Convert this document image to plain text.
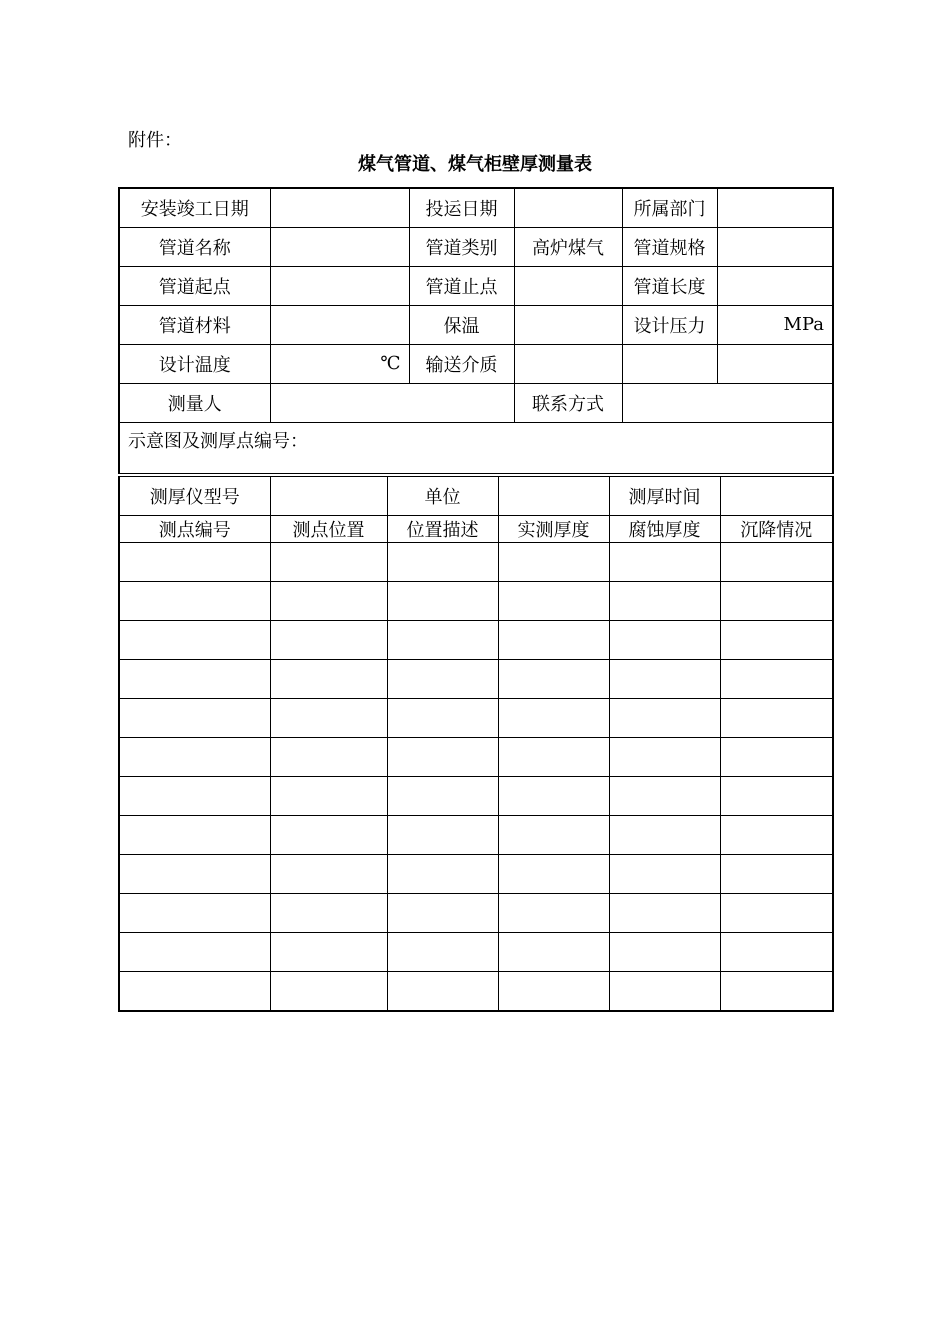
附件：
煤气管道、煤气柜壁厚测量表
安装竣工日期		投运日期		所属部门	
管道名称		管道类别	高炉煤气	管道规格	
管道起点		管道止点		管道长度	
管道材料		保温		设计压力	MPa
设计温度	℃	输送介质			
测量人			联系方式		
示意图及测厚点编号：					
测厚仪型号		单位		测厚时间	
测点编号	测点位置	位置描述	实测厚度	腐蚀厚度	沉降情况
